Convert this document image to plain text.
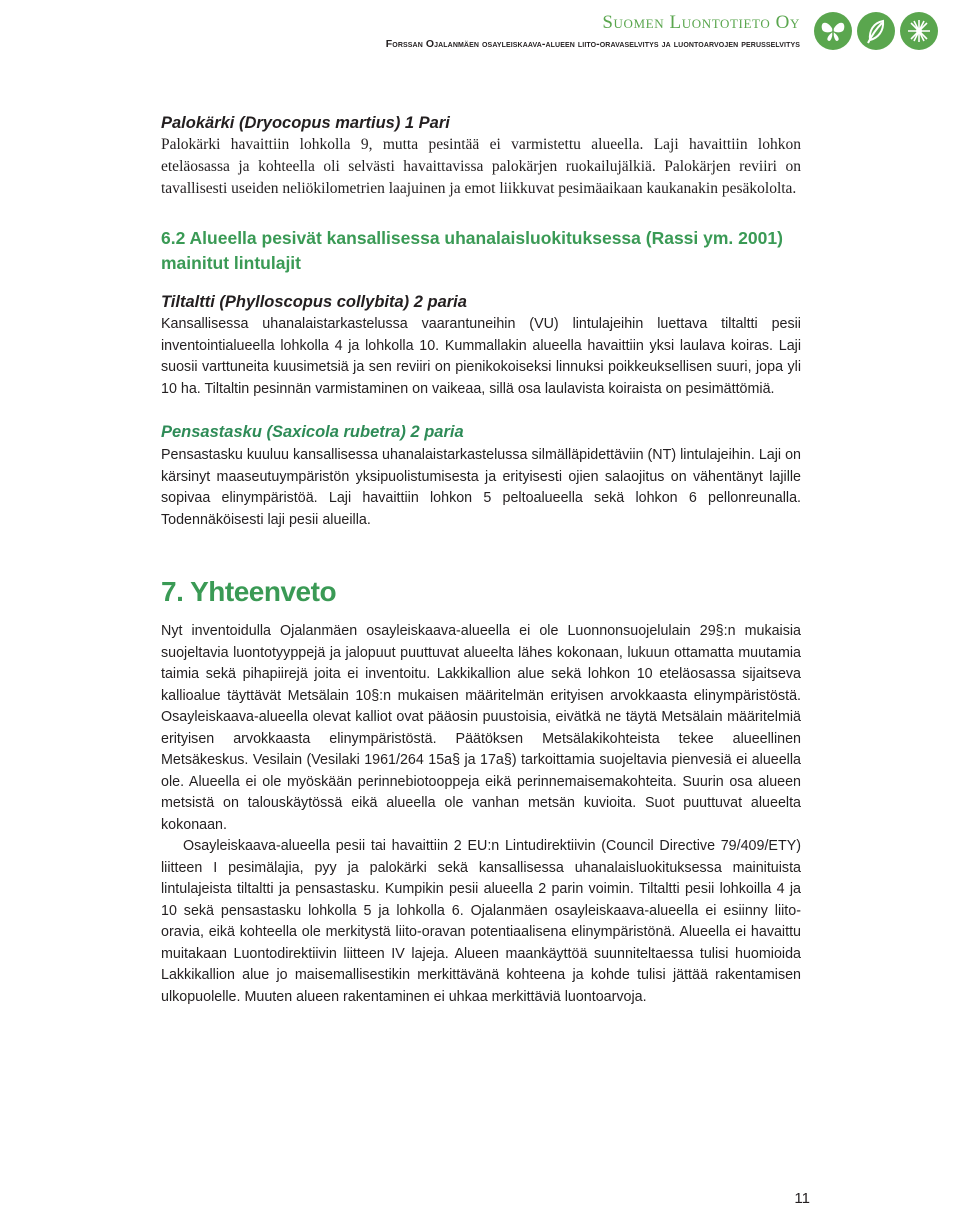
Suomen Luontotieto Oy
Forssan Ojalanmäen osayleiskaava-alueen liito-oravaselvitys ja luontoarvojen perusselvitys
Palokärki (Dryocopus martius) 1 Pari

Palokärki havaittiin lohkolla 9, mutta pesintää ei varmistettu alueella. Laji havaittiin lohkon eteläosassa ja kohteella oli selvästi havaittavissa palokärjen ruokailujälkiä. Palokärjen reviiri on tavallisesti useiden neliökilometrien laajuinen ja emot liikkuvat pesimäaikaan kaukanakin pesäkololta.

6.2 Alueella pesivät kansallisessa uhanalaisluokituksessa (Rassi ym. 2001) mainitut lintulajit
Tiltaltti (Phylloscopus collybita) 2 paria

Kansallisessa uhanalaistarkastelussa vaarantuneihin (VU) lintulajeihin luettava tiltaltti pesii inventointialueella lohkolla 4 ja lohkolla 10. Kummallakin alueella havaittiin yksi laulava koiras. Laji suosii varttuneita kuusimetsiä ja sen reviiri on pienikokoiseksi linnuksi poikkeuksellisen suuri, jopa yli 10 ha. Tiltaltin pesinnän varmistaminen on vaikeaa, sillä osa laulavista koiraista on pesimättömiä.

Pensastasku (Saxicola rubetra) 2 paria

Pensastasku kuuluu kansallisessa uhanalaistarkastelussa silmälläpidettäviin (NT) lintulajeihin. Laji on kärsinyt maaseutuympäristön yksipuolistumisesta ja erityisesti ojien salaojitus on vähentänyt lajille sopivaa elinympäristöä. Laji havaittiin lohkon 5 peltoalueella sekä lohkon 6 pellonreunalla. Todennäköisesti laji pesii alueilla.

7. Yhteenveto

Nyt inventoidulla Ojalanmäen osayleiskaava-alueella ei ole Luonnonsuojelulain 29§:n mukaisia suojeltavia luontotyyppejä ja jalopuut puuttuvat alueelta lähes kokonaan, lukuun ottamatta muutamia taimia sekä pihapiirejä joita ei inventoitu. Lakkikallion alue sekä lohkon 10 eteläosassa sijaitseva kallioalue täyttävät Metsälain 10§:n mukaisen määritelmän erityisen arvokkaasta elinympäristöstä. Osayleiskaava-alueella olevat kalliot ovat pääosin puustoisia, eivätkä ne täytä Metsälain määritelmiä erityisen arvokkaasta elinympäristöstä. Päätöksen Metsälakikohteista tekee alueellinen Metsäkeskus. Vesilain (Vesilaki 1961/264 15a§ ja 17a§) tarkoittamia suojeltavia pienvesiä ei alueella ole. Alueella ei ole myöskään perinnebiotooppeja eikä perinnemaisemakohteita. Suurin osa alueen metsistä on talouskäytössä eikä alueella ole vanhan metsän kuvioita. Suot puuttuvat alueelta kokonaan.

Osayleiskaava-alueella pesii tai havaittiin 2 EU:n Lintudirektiivin (Council Directive 79/409/ETY) liitteen I pesimälajia, pyy ja palokärki sekä kansallisessa uhanalaisluokituksessa mainituista lintulajeista tiltaltti ja pensastasku. Kumpikin pesii alueella 2 parin voimin. Tiltaltti pesii lohkoilla 4 ja 10 sekä pensastasku lohkolla 5 ja lohkolla 6. Ojalanmäen osayleiskaava-alueella ei esiinny liito-oravia, eikä kohteella ole merkitystä liito-oravan potentiaalisena elinympäristönä. Alueella ei havaittu muitakaan Luontodirektiivin liitteen IV lajeja. Alueen maankäyttöä suunniteltaessa tulisi huomioida Lakkikallion alue jo maisemallisestikin merkittävänä kohteena ja kohde tulisi jättää rakentamisen ulkopuolelle. Muuten alueen rakentaminen ei uhkaa merkittäviä luontoarvoja.

11
